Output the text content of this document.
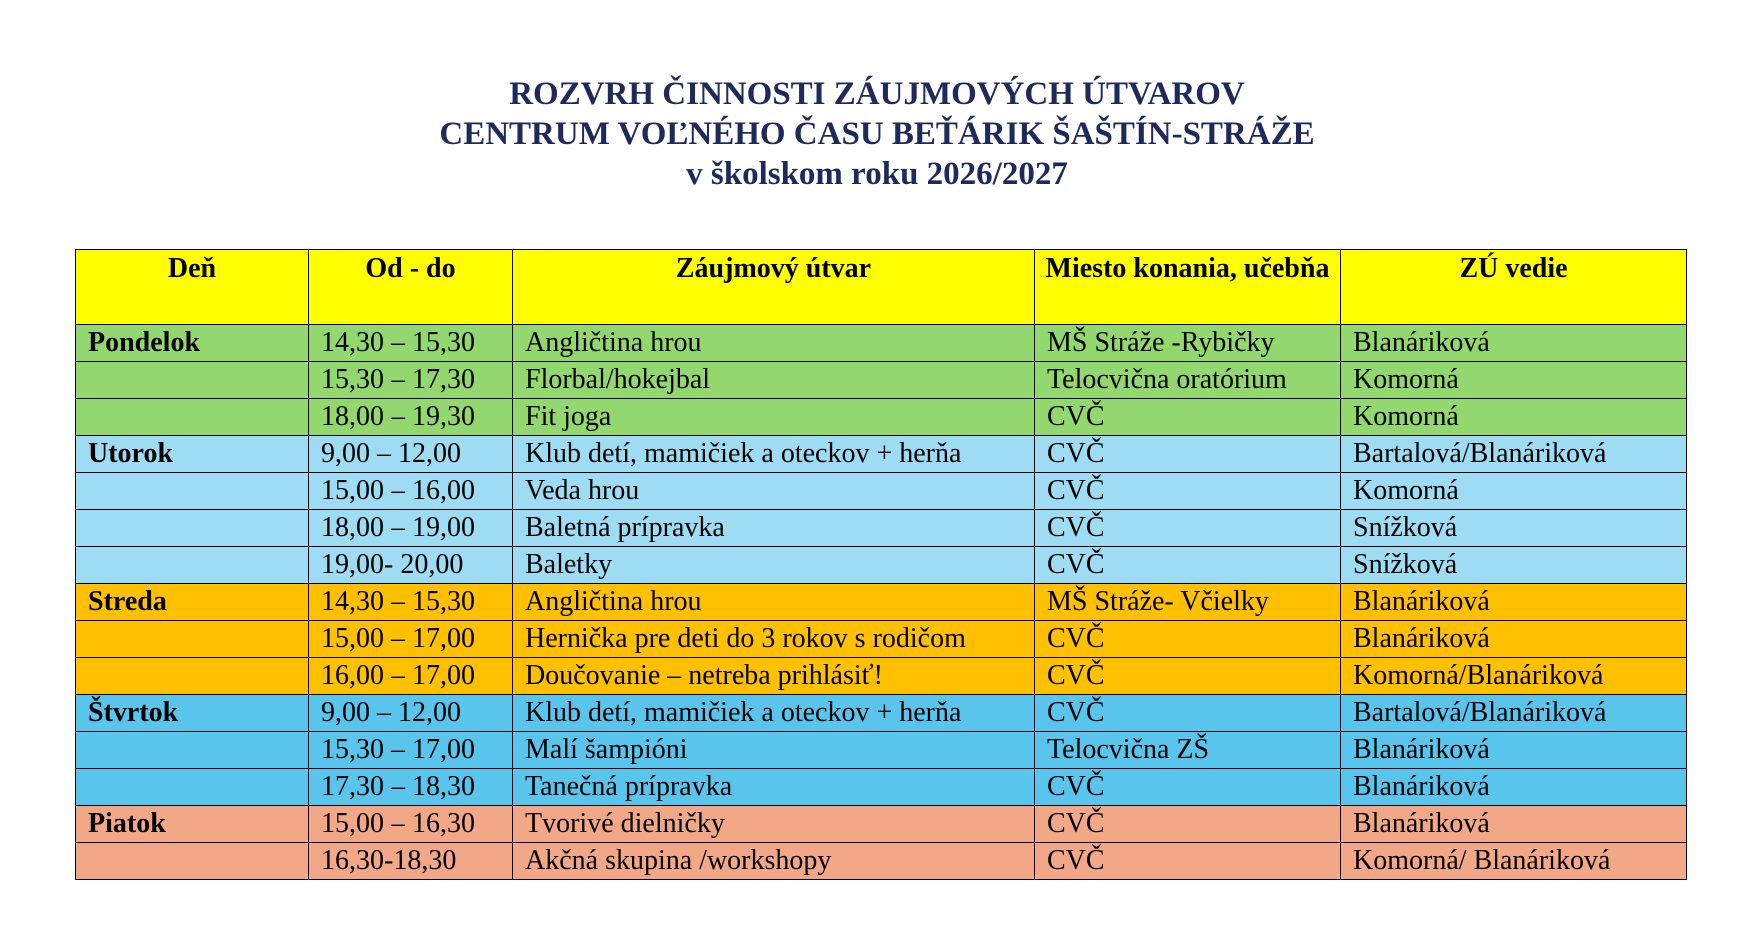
ROZVRH ČINNOSTI ZÁUJMOVÝCH ÚTVAROV

CENTRUM VOĽNÉHO ČASU BEŤÁRIK ŠAŠTÍN-STRÁŽE

v školskom roku 2026/2027

Deň	Od - do	Záujmový útvar	Miesto konania, učebňa	ZÚ vedie
Pondelok	14,30 – 15,30	Angličtina hrou	MŠ Stráže -Rybičky	Blanáriková
	15,30 – 17,30	Florbal/hokejbal	Telocvična oratórium	Komorná
	18,00 – 19,30	Fit joga	CVČ	Komorná
Utorok	9,00 – 12,00	Klub detí, mamičiek a oteckov + herňa	CVČ	Bartalová/Blanáriková
	15,00 – 16,00	Veda hrou	CVČ	Komorná
	18,00 – 19,00	Baletná prípravka	CVČ	Snížková
	19,00- 20,00	Baletky	CVČ	Snížková
Streda	14,30 – 15,30	Angličtina hrou	MŠ Stráže- Včielky	Blanáriková
	15,00 – 17,00	Hernička pre deti do 3 rokov s rodičom	CVČ	Blanáriková
	16,00 – 17,00	Doučovanie – netreba prihlásiť!	CVČ	Komorná/Blanáriková
Štvrtok	9,00 – 12,00	Klub detí, mamičiek a oteckov + herňa	CVČ	Bartalová/Blanáriková
	15,30 – 17,00	Malí šampióni	Telocvična ZŠ	Blanáriková
	17,30 – 18,30	Tanečná prípravka	CVČ	Blanáriková
Piatok	15,00 – 16,30	Tvorivé dielničky	CVČ	Blanáriková
	16,30-18,30	Akčná skupina /workshopy	CVČ	Komorná/ Blanáriková
